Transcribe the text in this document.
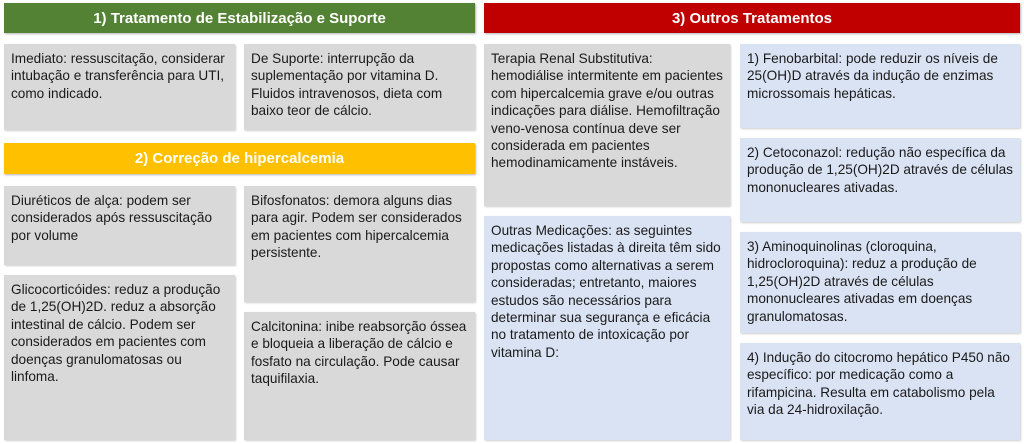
1) Tratamento de Estabilização e Suporte
Imediato: ressuscitação, considerar intubação e transferência para UTI, como indicado.
De Suporte: interrupção da suplementação por vitamina D. Fluidos intravenosos, dieta com baixo teor de cálcio.
2) Correção de hipercalcemia
Diuréticos de alça: podem ser considerados após ressuscitação por volume
Glicocorticóides: reduz a produção de 1,25(OH)2D. reduz a absorção intestinal de cálcio. Podem ser considerados em pacientes com doenças granulomatosas ou linfoma.
Bifosfonatos: demora alguns dias para agir. Podem ser considerados em pacientes com hipercalcemia persistente.
Calcitonina: inibe reabsorção óssea e bloqueia a liberação de cálcio e fosfato na circulação. Pode causar taquifilaxia.
3) Outros Tratamentos
Terapia Renal Substitutiva: hemodiálise intermitente em pacientes com hipercalcemia grave e/ou outras indicações para diálise. Hemofiltração veno-venosa contínua deve ser considerada em pacientes hemodinamicamente instáveis.
Outras Medicações: as seguintes medicações listadas à direita têm sido propostas como alternativas a serem consideradas; entretanto, maiores estudos são necessários para determinar sua segurança e eficácia no tratamento de intoxicação por vitamina D:
1) Fenobarbital: pode reduzir os níveis de 25(OH)D através da indução de enzimas microssomais hepáticas.
2) Cetoconazol: redução não específica da produção de 1,25(OH)2D através de células mononucleares ativadas.
3) Aminoquinolinas (cloroquina, hidrocloroquina): reduz a produção de 1,25(OH)2D através de células mononucleares ativadas em doenças granulomatosas.
4) Indução do citocromo hepático P450 não específico: por medicação como a rifampicina. Resulta em catabolismo pela via da 24-hidroxilação.
